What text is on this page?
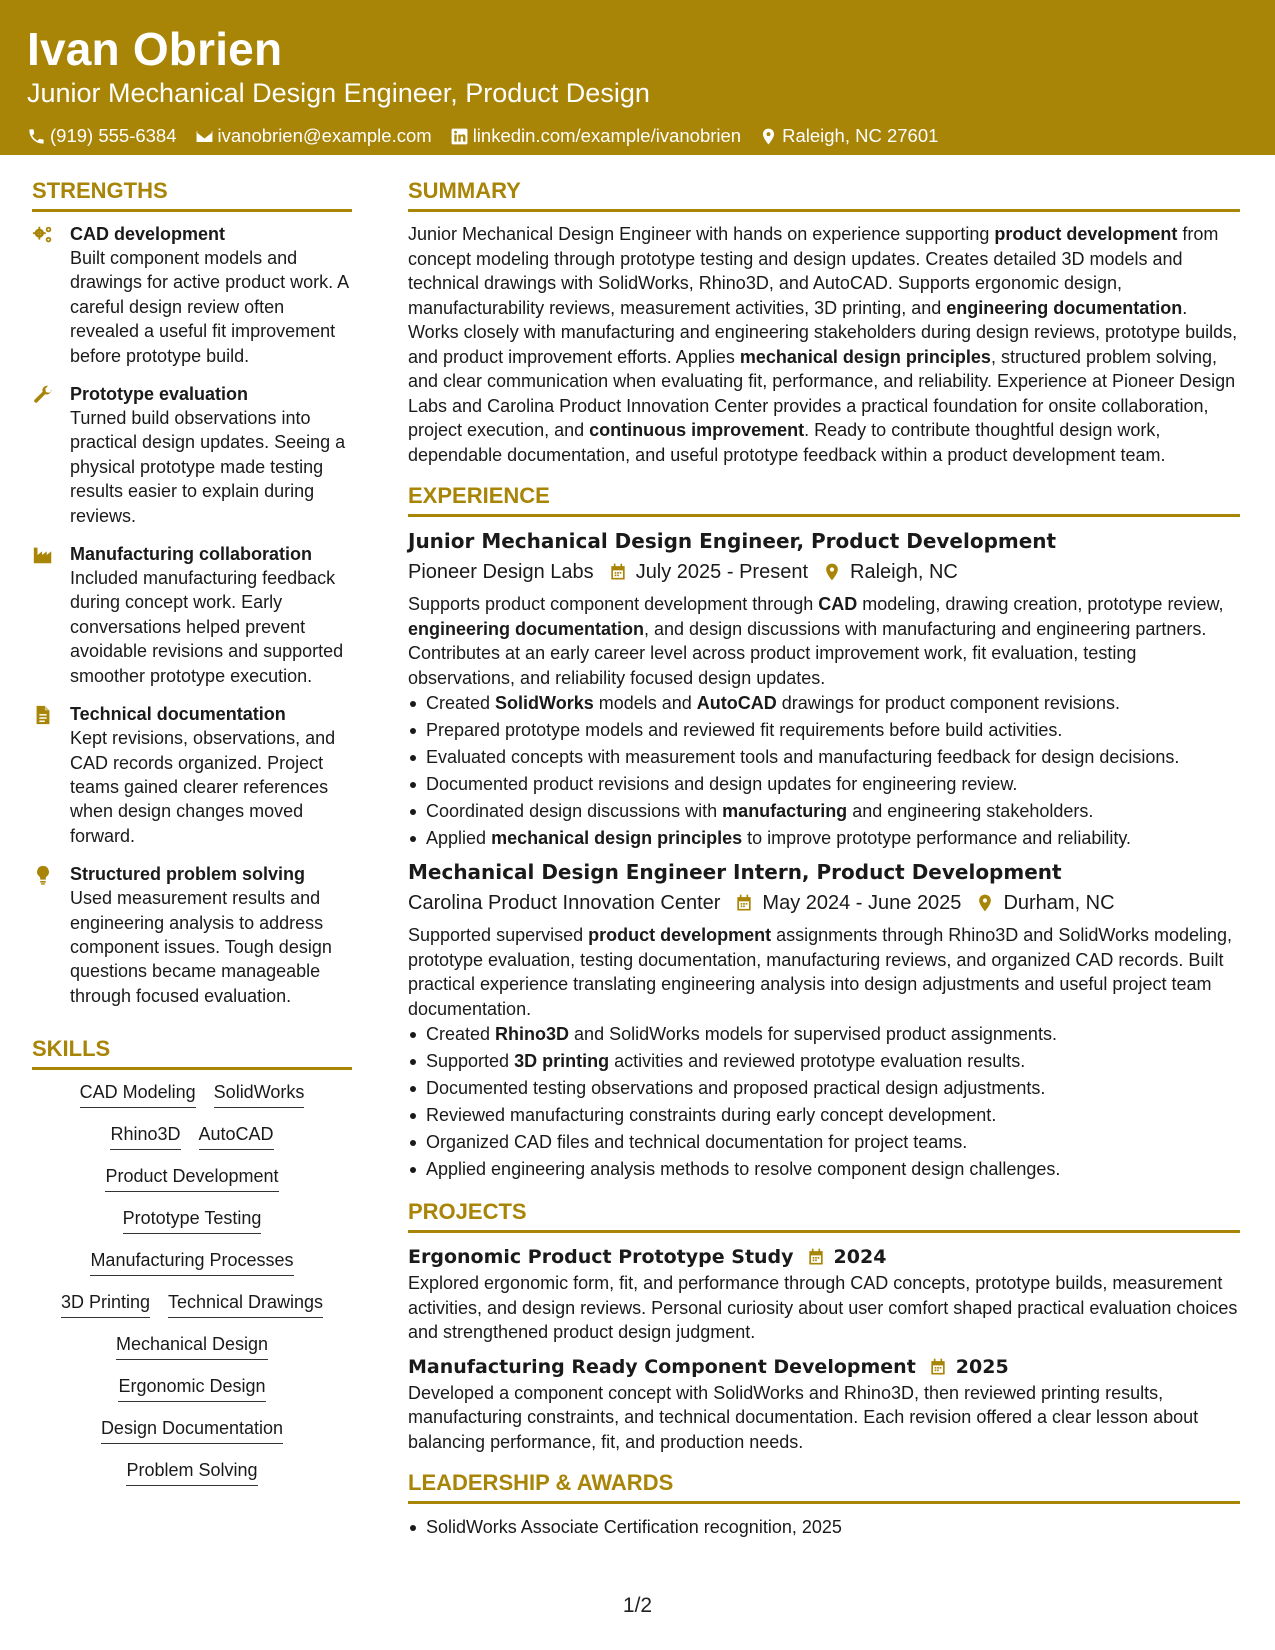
Ivan Obrien
Junior Mechanical Design Engineer, Product Design
(919) 555-6384 ivanobrien@example.com linkedin.com/example/ivanobrien Raleigh, NC 27601
STRENGTHS
CAD development
Built component models and drawings for active product work. A careful design review often revealed a useful fit improvement before prototype build.
Prototype evaluation
Turned build observations into practical design updates. Seeing a physical prototype made testing results easier to explain during reviews.
Manufacturing collaboration
Included manufacturing feedback during concept work. Early conversations helped prevent avoidable revisions and supported smoother prototype execution.
Technical documentation
Kept revisions, observations, and CAD records organized. Project teams gained clearer references when design changes moved forward.
Structured problem solving
Used measurement results and engineering analysis to address component issues. Tough design questions became manageable through focused evaluation.
SKILLS
CAD Modeling SolidWorks
Rhino3D AutoCAD
Product Development
Prototype Testing
Manufacturing Processes
3D Printing Technical Drawings
Mechanical Design
Ergonomic Design
Design Documentation
Problem Solving
SUMMARY
Junior Mechanical Design Engineer with hands on experience supporting product development from concept modeling through prototype testing and design updates. Creates detailed 3D models and technical drawings with SolidWorks, Rhino3D, and AutoCAD. Supports ergonomic design, manufacturability reviews, measurement activities, 3D printing, and engineering documentation. Works closely with manufacturing and engineering stakeholders during design reviews, prototype builds, and product improvement efforts. Applies mechanical design principles, structured problem solving, and clear communication when evaluating fit, performance, and reliability. Experience at Pioneer Design Labs and Carolina Product Innovation Center provides a practical foundation for onsite collaboration, project execution, and continuous improvement. Ready to contribute thoughtful design work, dependable documentation, and useful prototype feedback within a product development team.
EXPERIENCE
Junior Mechanical Design Engineer, Product Development
Pioneer Design Labs July 2025 - Present Raleigh, NC
Supports product component development through CAD modeling, drawing creation, prototype review, engineering documentation, and design discussions with manufacturing and engineering partners. Contributes at an early career level across product improvement work, fit evaluation, testing observations, and reliability focused design updates.
Created SolidWorks models and AutoCAD drawings for product component revisions.
Prepared prototype models and reviewed fit requirements before build activities.
Evaluated concepts with measurement tools and manufacturing feedback for design decisions.
Documented product revisions and design updates for engineering review.
Coordinated design discussions with manufacturing and engineering stakeholders.
Applied mechanical design principles to improve prototype performance and reliability.
Mechanical Design Engineer Intern, Product Development
Carolina Product Innovation Center May 2024 - June 2025 Durham, NC
Supported supervised product development assignments through Rhino3D and SolidWorks modeling, prototype evaluation, testing documentation, manufacturing reviews, and organized CAD records. Built practical experience translating engineering analysis into design adjustments and useful project team documentation.
Created Rhino3D and SolidWorks models for supervised product assignments.
Supported 3D printing activities and reviewed prototype evaluation results.
Documented testing observations and proposed practical design adjustments.
Reviewed manufacturing constraints during early concept development.
Organized CAD files and technical documentation for project teams.
Applied engineering analysis methods to resolve component design challenges.
PROJECTS
Ergonomic Product Prototype Study 2024
Explored ergonomic form, fit, and performance through CAD concepts, prototype builds, measurement activities, and design reviews. Personal curiosity about user comfort shaped practical evaluation choices and strengthened product design judgment.
Manufacturing Ready Component Development 2025
Developed a component concept with SolidWorks and Rhino3D, then reviewed printing results, manufacturing constraints, and technical documentation. Each revision offered a clear lesson about balancing performance, fit, and production needs.
LEADERSHIP & AWARDS
SolidWorks Associate Certification recognition, 2025
1/2
